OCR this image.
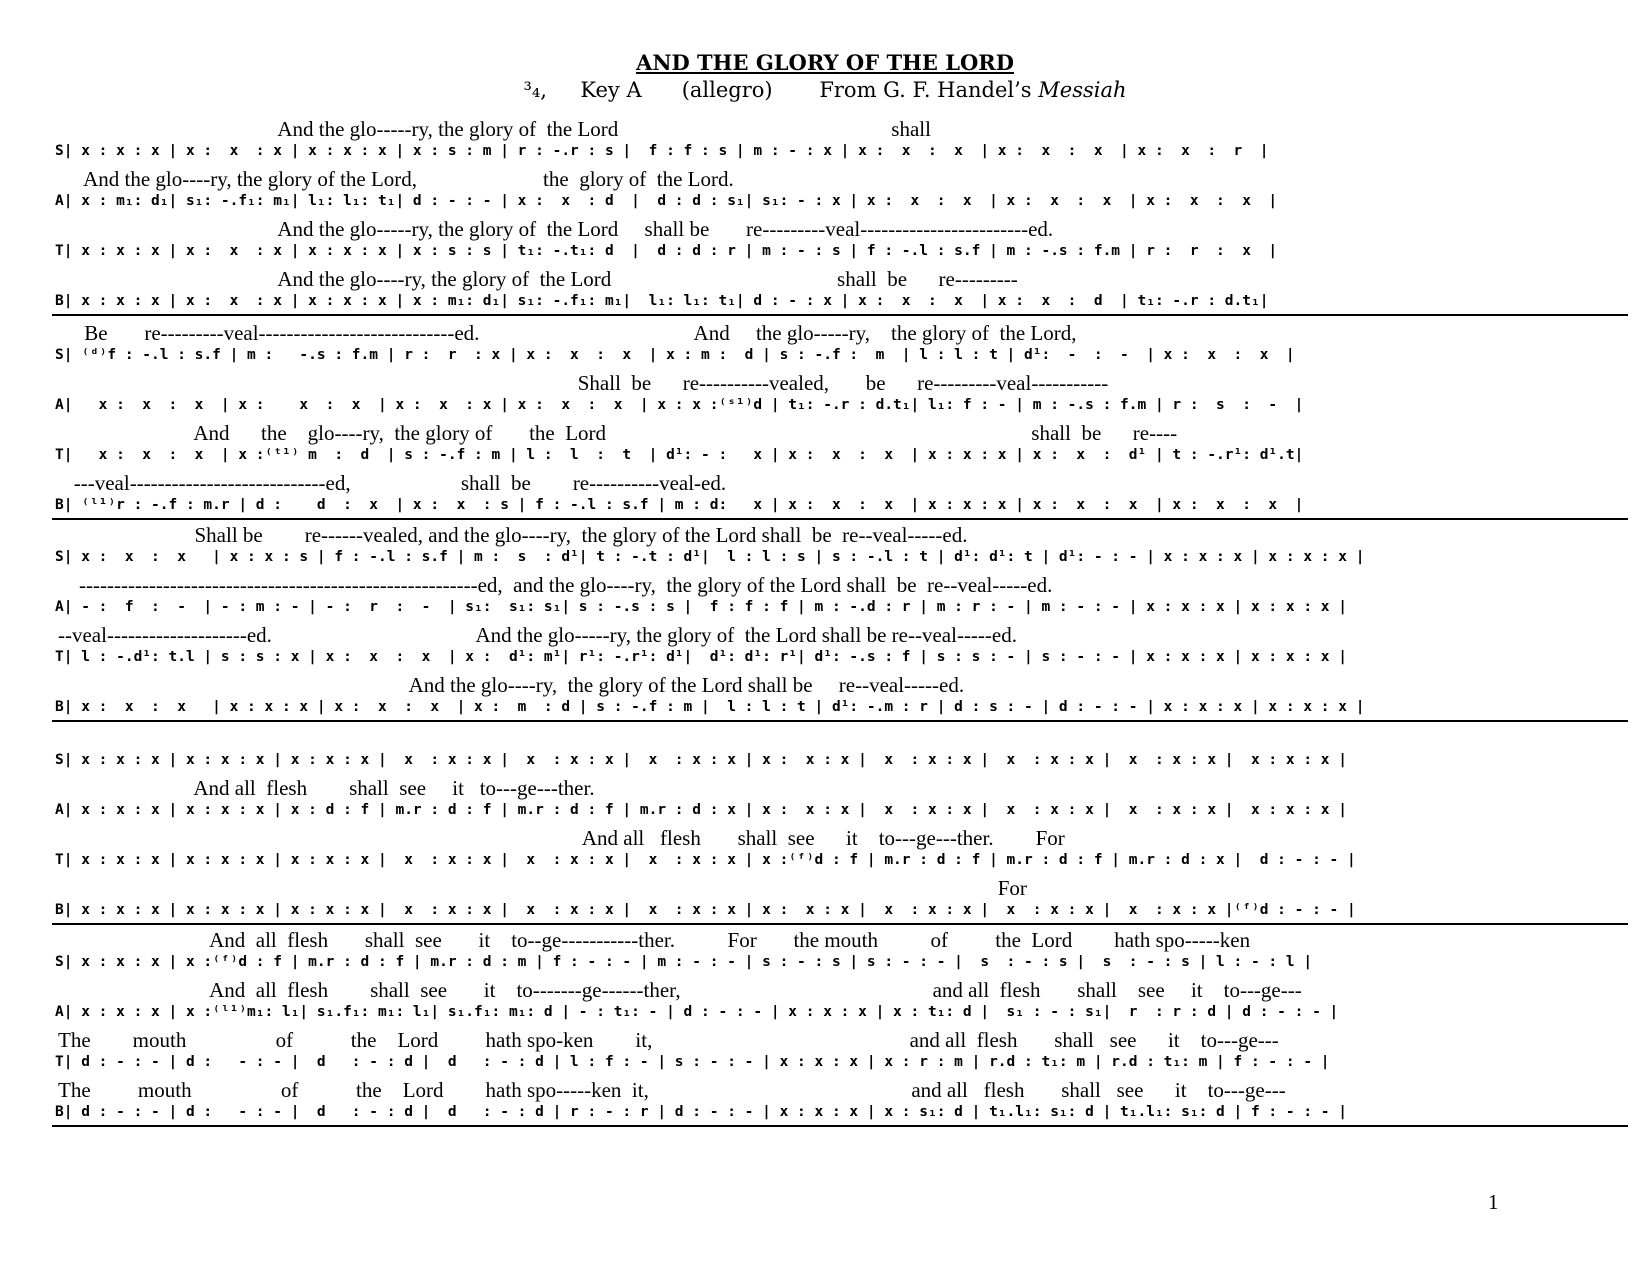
AND THE GLORY OF THE LORD
³₄, Key A (allegro) From G. F. Handel’s Messiah
And the glo-----ry, the glory of  the Lord                                                    shall
S| x : x : x | x :  x  : x | x : x : x | x : s : m | r : -.r : s |  f : f : s | m : - : x | x :  x  :  x  | x :  x  :  x  | x :  x  :  r  |
And the glo----ry, the glory of the Lord,                        the  glory of  the Lord.
A| x : m₁: d₁| s₁: -.f₁: m₁| l₁: l₁: t₁| d : - : - | x :  x  : d  |  d : d : s₁| s₁: - : x | x :  x  :  x  | x :  x  :  x  | x :  x  :  x  |
And the glo-----ry, the glory of  the Lord     shall be       re---------veal------------------------ed.
T| x : x : x | x :  x  : x | x : x : x | x : s : s | t₁: -.t₁: d  |  d : d : r | m : - : s | f : -.l : s.f | m : -.s : f.m | r :  r  :  x  |
And the glo----ry, the glory of  the Lord                                           shall  be      re---------
B| x : x : x | x :  x  : x | x : x : x | x : m₁: d₁| s₁: -.f₁: m₁|  l₁: l₁: t₁| d : - : x | x :  x  :  x  | x :  x  :  d  | t₁: -.r : d.t₁|
Be       re---------veal----------------------------ed.                                         And     the glo-----ry,    the glory of  the Lord,
S| ⁽ᵈ⁾f : -.l : s.f | m :   -.s : f.m | r :  r  : x | x :  x  :  x  | x : m :  d | s : -.f :  m  | l : l : t | d¹:  -  :  -  | x :  x  :  x  |
Shall  be      re----------vealed,       be      re---------veal-----------
A|   x :  x  :  x  | x :    x  :  x  | x :  x  : x | x :  x  :  x  | x : x :⁽ˢ¹⁾d | t₁: -.r : d.t₁| l₁: f : - | m : -.s : f.m | r :  s  :  -  |
And      the    glo----ry,  the glory of       the  Lord                                                                                 shall  be      re----
T|   x :  x  :  x  | x :⁽ᵗ¹⁾ m  :  d  | s : -.f : m | l :  l  :  t  | d¹: - :   x | x :  x  :  x  | x : x : x | x :  x  :  d¹ | t : -.r¹: d¹.t|
---veal----------------------------ed,                     shall  be        re----------veal-ed.
B| ⁽ˡ¹⁾r : -.f : m.r | d :    d  :  x  | x :  x  : s | f : -.l : s.f | m : d:   x | x :  x  :  x  | x : x : x | x :  x  :  x  | x :  x  :  x  |
Shall be        re------vealed, and the glo----ry,  the glory of the Lord shall  be  re--veal-----ed.
S| x :  x  :  x   | x : x : s | f : -.l : s.f | m :  s  : d¹| t : -.t : d¹|  l : l : s | s : -.l : t | d¹: d¹: t | d¹: - : - | x : x : x | x : x : x |
---------------------------------------------------------ed,  and the glo----ry,  the glory of the Lord shall  be  re--veal-----ed.
A| - :  f  :  -  | - : m : - | - :  r  :  -  | s₁:  s₁: s₁| s : -.s : s |  f : f : f | m : -.d : r | m : r : - | m : - : - | x : x : x | x : x : x |
--veal--------------------ed.                                       And the glo-----ry, the glory of  the Lord shall be re--veal-----ed.
T| l : -.d¹: t.l | s : s : x | x :  x  :  x  | x :  d¹: m¹| r¹: -.r¹: d¹|  d¹: d¹: r¹| d¹: -.s : f | s : s : - | s : - : - | x : x : x | x : x : x |
And the glo----ry,  the glory of the Lord shall be     re--veal-----ed.
B| x :  x  :  x   | x : x : x | x :  x  :  x  | x :  m  : d | s : -.f : m |  l : l : t | d¹: -.m : r | d : s : - | d : - : - | x : x : x | x : x : x |
S| x : x : x | x : x : x | x : x : x |  x  : x : x |  x  : x : x |  x  : x : x | x :  x : x |  x  : x : x |  x  : x : x |  x  : x : x |  x : x : x |
And all  flesh        shall  see     it   to---ge---ther.
A| x : x : x | x : x : x | x : d : f | m.r : d : f | m.r : d : f | m.r : d : x | x :  x : x |  x  : x : x |  x  : x : x |  x  : x : x |  x : x : x |
And all   flesh       shall  see      it    to---ge---ther.        For
T| x : x : x | x : x : x | x : x : x |  x  : x : x |  x  : x : x |  x  : x : x | x :⁽ᶠ⁾d : f | m.r : d : f | m.r : d : f | m.r : d : x |  d : - : - |
For
B| x : x : x | x : x : x | x : x : x |  x  : x : x |  x  : x : x |  x  : x : x | x :  x : x |  x  : x : x |  x  : x : x |  x  : x : x |⁽ᶠ⁾d : - : - |
And  all  flesh       shall  see       it    to--ge-----------ther.          For       the mouth          of         the  Lord        hath spo-----ken
S| x : x : x | x :⁽ᶠ⁾d : f | m.r : d : f | m.r : d : m | f : - : - | m : - : - | s : - : s | s : - : - |  s  : - : s |  s  : - : s | l : - : l |
And  all  flesh        shall  see       it    to-------ge------ther,                                                and all  flesh       shall    see     it    to---ge---
A| x : x : x | x :⁽ˡ¹⁾m₁: l₁| s₁.f₁: m₁: l₁| s₁.f₁: m₁: d | - : t₁: - | d : - : - | x : x : x | x : t₁: d |  s₁ : - : s₁|  r  : r : d | d : - : - |
The        mouth                 of           the    Lord         hath spo-ken        it,                                                 and all  flesh       shall   see      it    to---ge---
T| d : - : - | d :   - : - |  d   : - : d |  d   : - : d | l : f : - | s : - : - | x : x : x | x : r : m | r.d : t₁: m | r.d : t₁: m | f : - : - |
The         mouth                 of           the    Lord        hath spo-----ken  it,                                                  and all   flesh       shall   see      it    to---ge---
B| d : - : - | d :   - : - |  d   : - : d |  d   : - : d | r : - : r | d : - : - | x : x : x | x : s₁: d | t₁.l₁: s₁: d | t₁.l₁: s₁: d | f : - : - |
1
